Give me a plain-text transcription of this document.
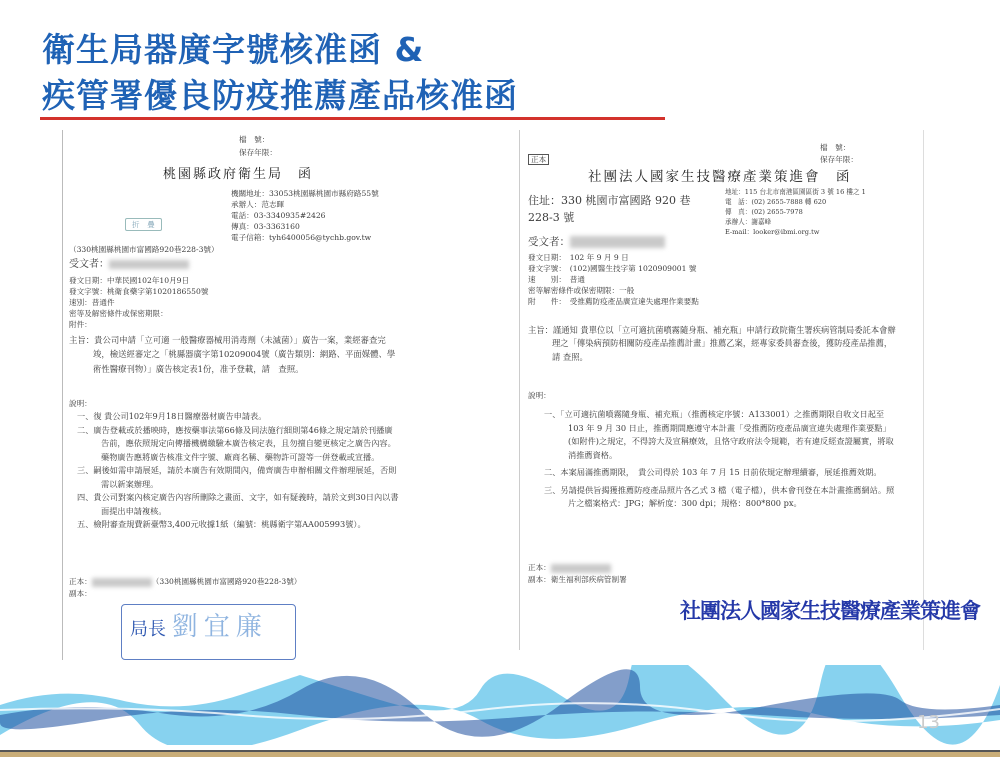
衛生局器廣字號核准函 &
疾管署優良防疫推薦產品核准函
檔　號：
保存年限：
桃園縣政府衛生局　函
機關地址：33053桃園縣桃園市縣府路55號
承辦人：范志暉
電話：03-3340935#2426
傳真：03-3363160
電子信箱：tyh6400056@tychb.gov.tw
折　疊
（330桃園縣桃園市富國路920巷228-3號）
受文者：
發文日期：中華民國102年10月9日
發文字號：桃衛食藥字第1020186550號
速別：普通件
密等及解密條件或保密期限：
附件：
主旨：貴公司申請「立可適 一般醫療器械用消毒劑（未滅菌）」廣告一案，業經審查完竣，檢送經審定之「桃縣器廣字第10209004號（廣告類別：網路、平面媒體、學術性醫療刊物）」廣告核定表1份，准予登載，請　查照。
說明：
一、復 貴公司102年9月18日醫療器材廣告申請表。
二、廣告登載或於播映時，應按藥事法第66條及同法施行細則第46條之規定請於刊播廣告前，應依照規定向傳播機構繳驗本廣告核定表，且勿擅自變更核定之廣告內容。藥物廣告應將廣告核准文件字號、廠商名稱、藥物許可證等一併登載或宣播。
三、嗣後如需申請展延，請於本廣告有效期間內，備齊廣告申辦相關文件辦理展延，否則需以新案辦理。
四、貴公司對案內核定廣告內容所刪除之畫面、文字，如有疑義時，請於文到30日內以書面提出申請複核。
五、檢附審查規費新臺幣3,400元收據1紙（編號：桃縣衛字第AA005993號）。
正本：	（330桃園縣桃園市富國路920巷228-3號）
副本：
局長 劉宜廉
正本
檔　號：
保存年限：
社團法人國家生技醫療產業策進會　函
住址：330 桃園市富國路 920 巷 228-3 號
地址：115 台北市南港區園區街 3 號 16 樓之 1
電　話：(02) 2655-7888 轉 620
傳　真：(02) 2655-7978
承辦人：謝嘉峰
E-mail：looker@ibmi.org.tw
受文者：
發文日期：　102 年 9 月 9 日
發文字號：　(102)國醫生技字第 1020909001 號
速　　別：　普通
密等解密條件或保密期限：一般
附　　件：　受推薦防疫產品廣宣違失處理作業要點
主旨：謹通知 貴單位以「立可適抗菌噴霧隨身瓶、補充瓶」申請行政院衛生署疾病管制局委託本會辦理之「傳染病預防相關防疫產品推薦計畫」推薦乙案，經專家委員審查後，獲防疫產品推薦，請 查照。
說明：
一、「立可適抗菌噴霧隨身瓶、補充瓶」（推薦核定序號：A133001）之推薦期限自收文日起至 103 年 9 月 30 日止，推薦期間應遵守本計畫「受推薦防疫產品廣宣違失處理作業要點」(如附件)之規定，不得誇大及宣稱療效，且恪守政府法令規範，若有違反經查證屬實，將取消推薦資格。
二、本案屆滿推薦期限，　貴公司得於 103 年 7 月 15 日前依規定辦理續審，展延推薦效期。
三、另請提供旨揭獲推薦防疫產品照片各乙式 3 檔（電子檔），供本會刊登在本計畫推薦網站。照片之檔案格式：JPG；解析度：300 dpi；規格：800*800 px。
正本：
副本：衛生福利部疾病管制署
社團法人國家生技醫療產業策進會
13
